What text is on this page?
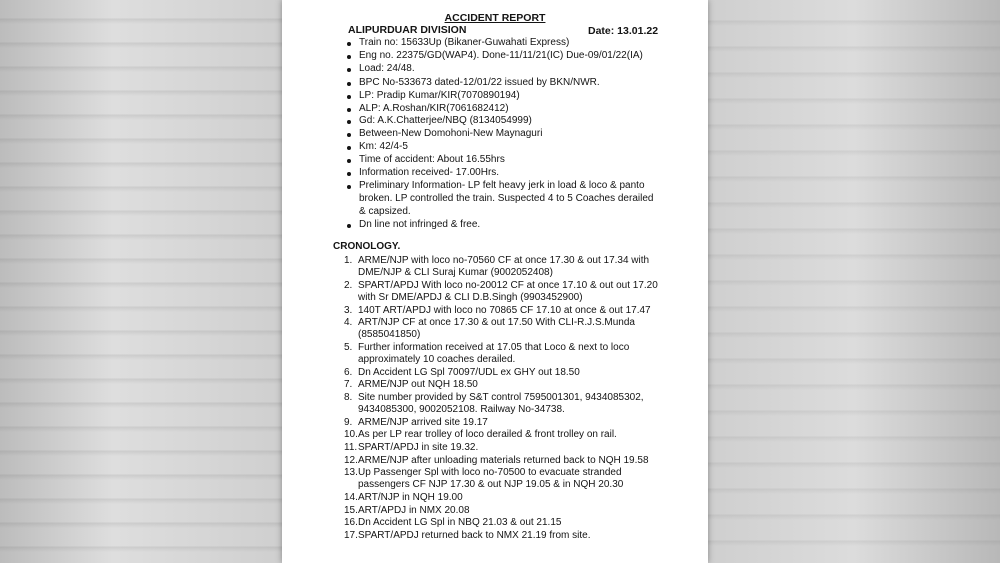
ACCIDENT REPORT
ALIPURDUAR DIVISION	Date: 13.01.22
Train no: 15633Up (Bikaner-Guwahati Express)
Eng no. 22375/GD(WAP4). Done-11/11/21(IC) Due-09/01/22(IA)
Load: 24/48.
BPC No-533673 dated-12/01/22 issued by BKN/NWR.
LP: Pradip Kumar/KIR(7070890194)
ALP: A.Roshan/KIR(7061682412)
Gd: A.K.Chatterjee/NBQ (8134054999)
Between-New Domohoni-New Maynaguri
Km: 42/4-5
Time of accident: About 16.55hrs
Information received- 17.00Hrs.
Preliminary Information- LP felt heavy jerk in load & loco & panto broken. LP controlled the train. Suspected 4 to 5 Coaches derailed & capsized.
Dn line not infringed & free.
CRONOLOGY.
1. ARME/NJP with loco no-70560 CF at once 17.30 & out 17.34 with DME/NJP & CLI Suraj Kumar (9002052408)
2. SPART/APDJ With loco no-20012 CF at once 17.10 & out out 17.20 with Sr DME/APDJ & CLI D.B.Singh (9903452900)
3. 140T ART/APDJ with loco no 70865 CF 17.10 at once & out 17.47
4. ART/NJP CF at once 17.30 & out 17.50 With CLI-R.J.S.Munda (8585041850)
5. Further information received at 17.05 that Loco & next to loco approximately 10 coaches derailed.
6. Dn Accident LG Spl 70097/UDL ex GHY out 18.50
7. ARME/NJP out NQH 18.50
8. Site number provided by S&T control 7595001301, 9434085302, 9434085300, 9002052108. Railway No-34738.
9. ARME/NJP arrived site 19.17
10. As per LP rear trolley of loco derailed & front trolley on rail.
11. SPART/APDJ in site 19.32.
12. ARME/NJP after unloading materials returned back to NQH 19.58
13. Up Passenger Spl with loco no-70500 to evacuate stranded passengers CF NJP 17.30 & out NJP 19.05 & in NQH 20.30
14. ART/NJP in NQH 19.00
15. ART/APDJ in NMX 20.08
16. Dn Accident LG Spl in NBQ 21.03 & out 21.15
17. SPART/APDJ returned back to NMX 21.19 from site.
